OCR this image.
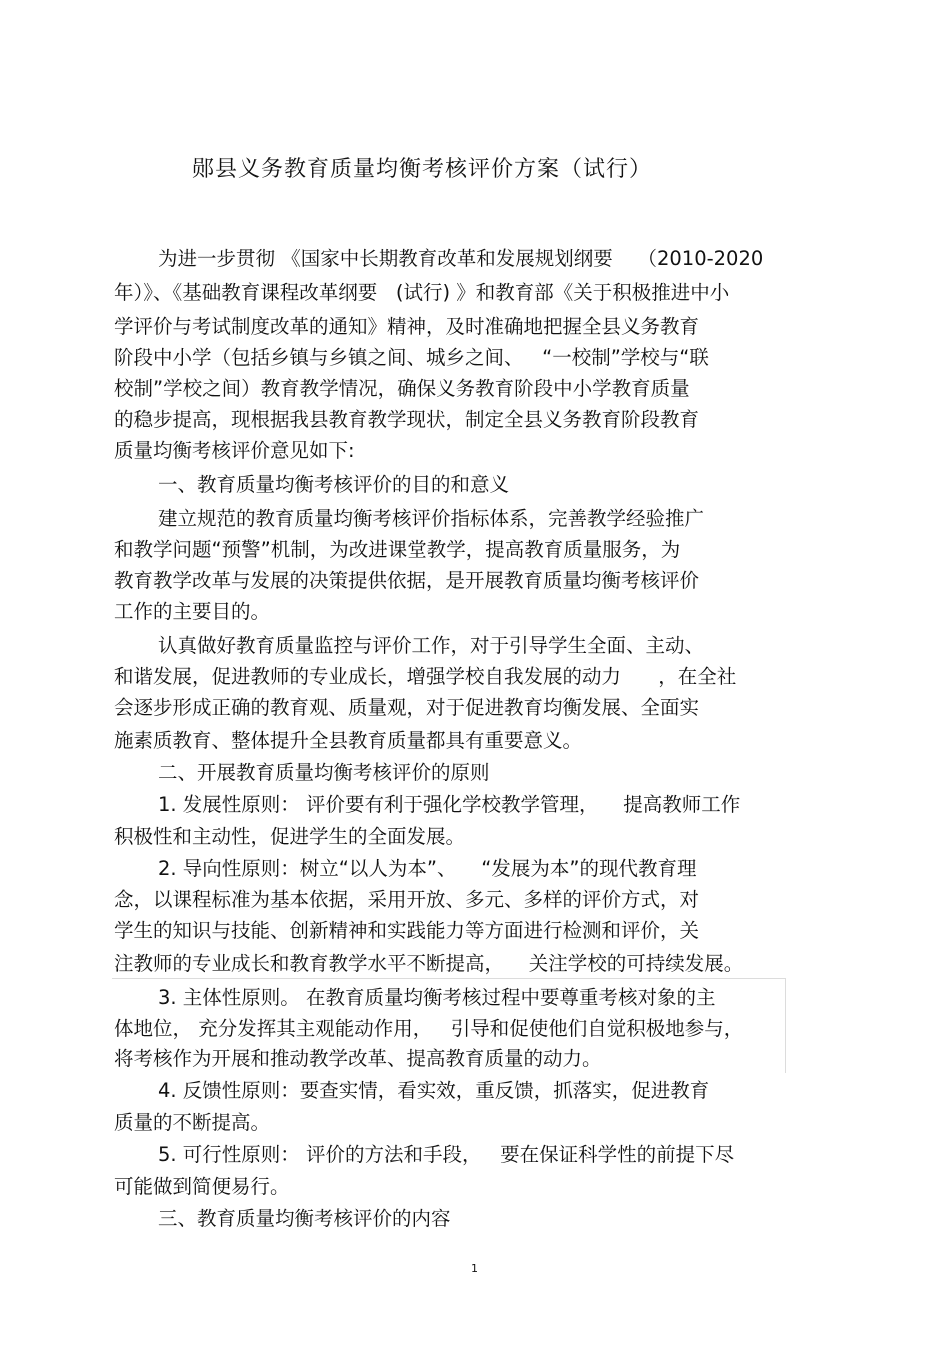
郧县义务教育质量均衡考核评价方案（试行）
为进一步贯彻 《国家中长期教育改革和发展规划纲要    （2010-2020
年）》、《基础教育课程改革纲要   (试行) 》和教育部《关于积极推进中小
学评价与考试制度改革的通知》精神，及时准确地把握全县义务教育
阶段中小学（包括乡镇与乡镇之间、城乡之间、   “一校制”学校与“联
校制”学校之间）教育教学情况，确保义务教育阶段中小学教育质量
的稳步提高，现根据我县教育教学现状，制定全县义务教育阶段教育
质量均衡考核评价意见如下:
一、教育质量均衡考核评价的目的和意义
建立规范的教育质量均衡考核评价指标体系，完善教学经验推广
和教学问题“预警”机制，为改进课堂教学，提高教育质量服务，为
教育教学改革与发展的决策提供依据，是开展教育质量均衡考核评价
工作的主要目的。
认真做好教育质量监控与评价工作，对于引导学生全面、主动、
和谐发展，促进教师的专业成长，增强学校自我发展的动力      ，在全社
会逐步形成正确的教育观、质量观，对于促进教育均衡发展、全面实
施素质教育、整体提升全县教育质量都具有重要意义。
二、开展教育质量均衡考核评价的原则
1. 发展性原则： 评价要有利于强化学校教学管理，    提高教师工作
积极性和主动性，促进学生的全面发展。
2. 导向性原则：树立“以人为本”、    “发展为本”的现代教育理
念，以课程标准为基本依据，采用开放、多元、多样的评价方式，对
学生的知识与技能、创新精神和实践能力等方面进行检测和评价，关
注教师的专业成长和教育教学水平不断提高，    关注学校的可持续发展。
3. 主体性原则。 在教育质量均衡考核过程中要尊重考核对象的主
体地位， 充分发挥其主观能动作用，   引导和促使他们自觉积极地参与，
将考核作为开展和推动教学改革、提高教育质量的动力。
4. 反馈性原则：要查实情，看实效，重反馈，抓落实，促进教育
质量的不断提高。
5. 可行性原则： 评价的方法和手段，   要在保证科学性的前提下尽
可能做到简便易行。
三、教育质量均衡考核评价的内容
1
